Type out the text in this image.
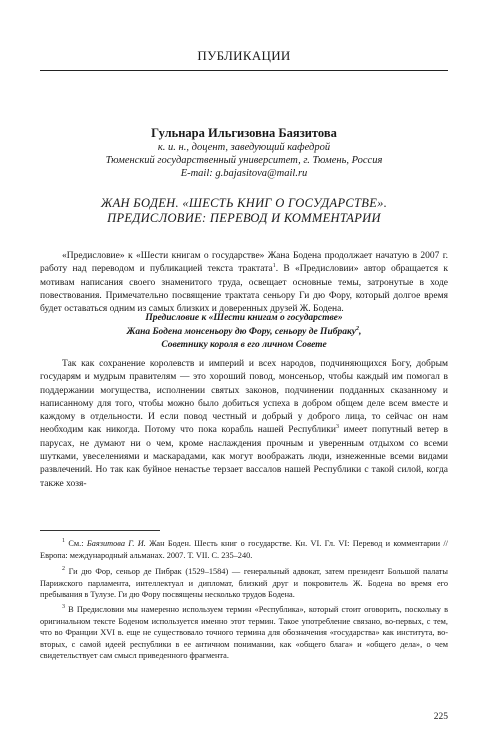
ПУБЛИКАЦИИ
Гульнара Ильгизовна Баязитова
к. и. н., доцент, заведующий кафедрой
Тюменский государственный университет, г. Тюмень, Россия
E-mail: g.bajasitova@mail.ru
ЖАН БОДЕН. «ШЕСТЬ КНИГ О ГОСУДАРСТВЕ».
ПРЕДИСЛОВИЕ: ПЕРЕВОД И КОММЕНТАРИИ
«Предисловие» к «Шести книгам о государстве» Жана Бодена продолжает начатую в 2007 г. работу над переводом и публикацией текста трактата$^1$. В «Предисловии» автор обращается к мотивам написания своего знаменитого труда, освещает основные темы, затронутые в ходе повествования. Примечательно посвящение трактата сеньору Ги дю Фору, который долгое время будет оставаться одним из самых близких и доверенных друзей Ж. Бодена.
Предисловие к «Шести книгам о государстве»
Жана Бодена монсеньору дю Фору, сеньору де Пибраку$^2$,
Советнику короля в его личном Совете
Так как сохранение королевств и империй и всех народов, подчиняющихся Богу, добрым государям и мудрым правителям — это хороший повод, монсеньор, чтобы каждый им помогал в поддержании могущества, исполнении святых законов, подчинении подданных сказанному и написанному для того, чтобы можно было добиться успеха в добром общем деле всем вместе и каждому в отдельности. И если повод честный и добрый у доброго лица, то сейчас он нам необходим как никогда. Потому что пока корабль нашей Республики$^3$ имеет попутный ветер в парусах, не думают ни о чем, кроме наслаждения прочным и уверенным отдыхом со всеми шутками, увеселениями и маскарадами, как могут воображать люди, изнеженные всеми видами развлечений. Но так как буйное ненастье терзает вассалов нашей Республики с такой силой, когда также хозя-
$^1$ См.: Баязитова Г. И. Жан Боден. Шесть книг о государстве. Кн. VI. Гл. VI: Перевод и комментарии // Европа: международный альманах. 2007. Т. VII. С. 235–240.
$^2$ Ги дю Фор, сеньор де Пибрак (1529–1584) — генеральный адвокат, затем президент Большой палаты Парижского парламента, интеллектуал и дипломат, близкий друг и покровитель Ж. Бодена во время его пребывания в Тулузе. Ги дю Фору посвящены несколько трудов Бодена.
$^3$ В Предисловии мы намеренно используем термин «Республика», который стоит оговорить, поскольку в оригинальном тексте Боденом используется именно этот термин. Такое употребление связано, во-первых, с тем, что во Франции XVI в. еще не существовало точного термина для обозначения «государства» как института, во-вторых, с самой идеей республики в ее античном понимании, как «общего блага» и «общего дела», о чем свидетельствует сам смысл приведенного фрагмента.
225
